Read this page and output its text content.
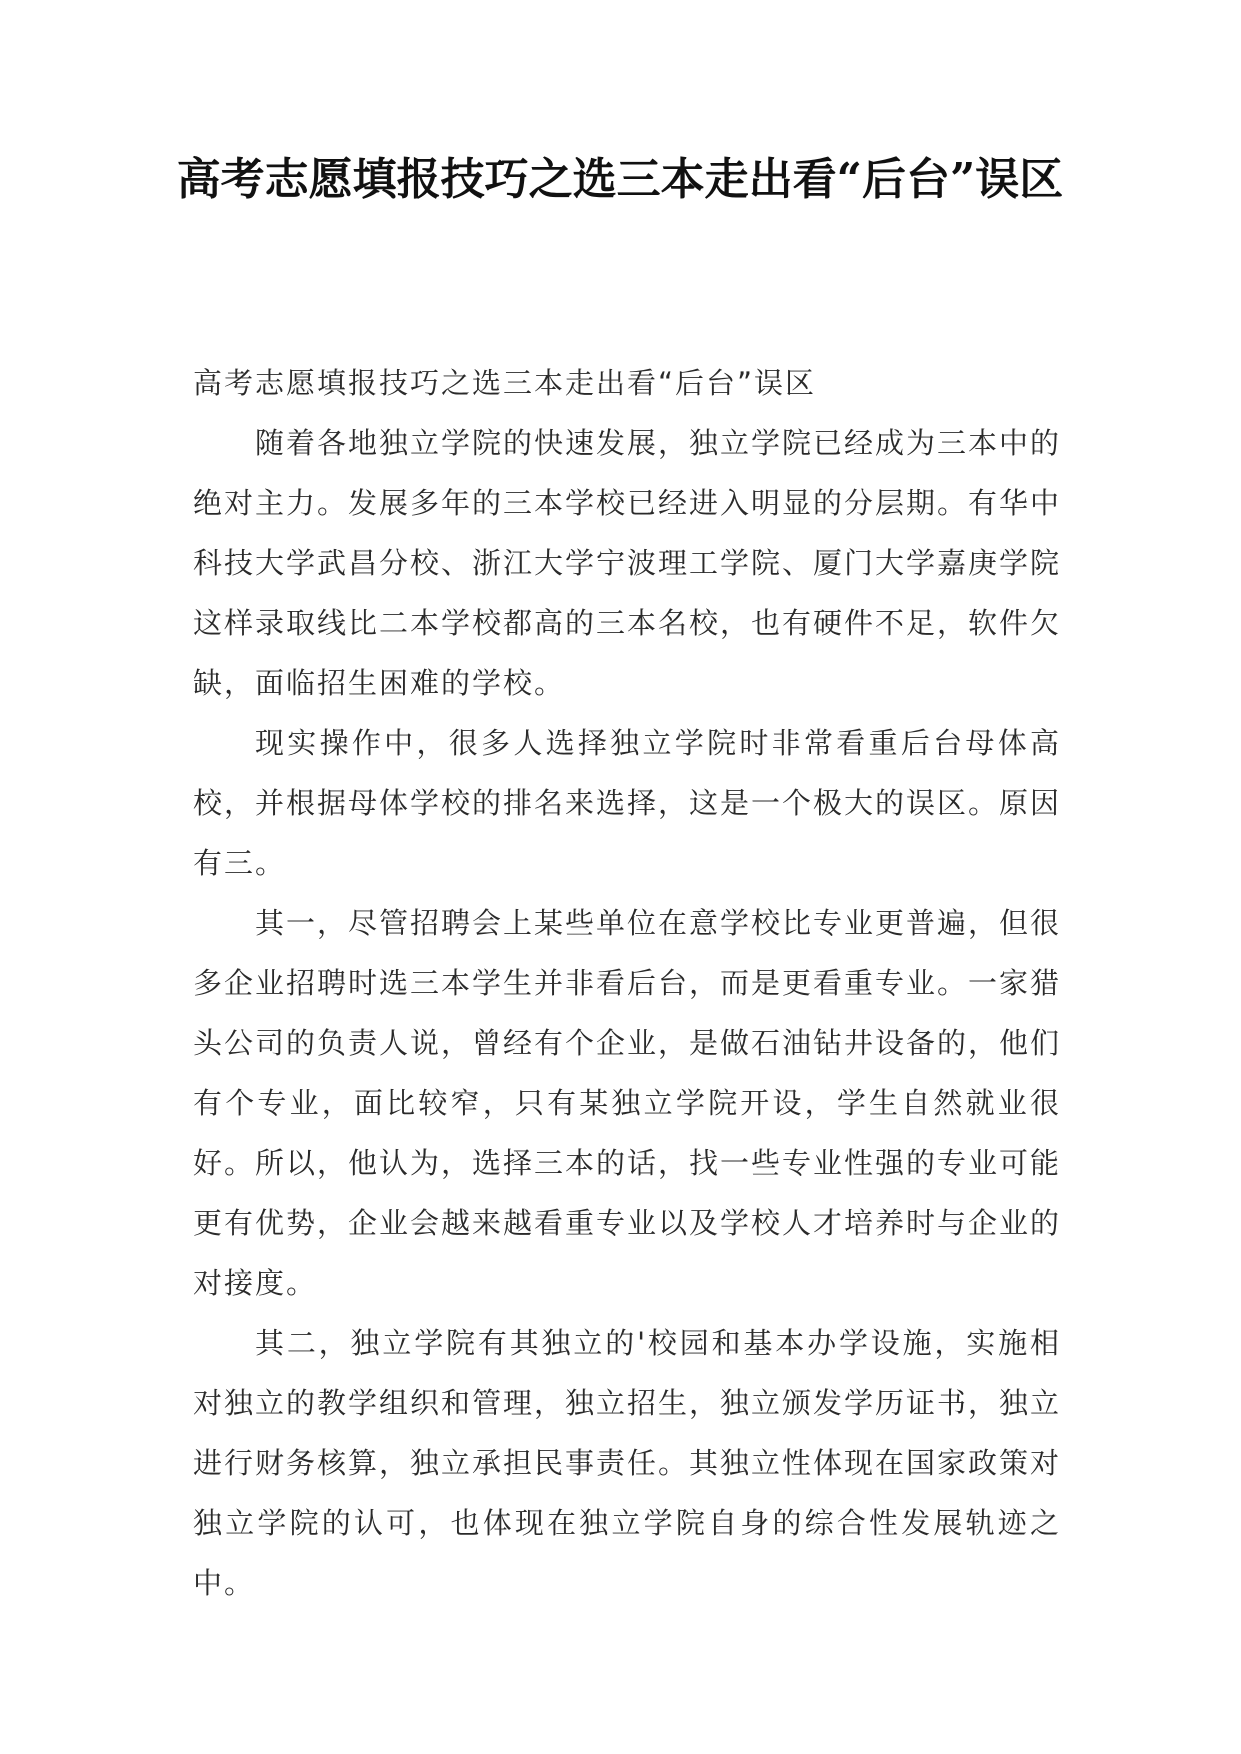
高考志愿填报技巧之选三本走出看“后台”误区

高考志愿填报技巧之选三本走出看“后台”误区

随着各地独立学院的快速发展，独立学院已经成为三本中的绝对主力。发展多年的三本学校已经进入明显的分层期。有华中科技大学武昌分校、浙江大学宁波理工学院、厦门大学嘉庚学院这样录取线比二本学校都高的三本名校，也有硬件不足，软件欠缺，面临招生困难的学校。

现实操作中，很多人选择独立学院时非常看重后台母体高校，并根据母体学校的排名来选择，这是一个极大的误区。原因有三。

其一，尽管招聘会上某些单位在意学校比专业更普遍，但很多企业招聘时选三本学生并非看后台，而是更看重专业。一家猎头公司的负责人说，曾经有个企业，是做石油钻井设备的，他们有个专业，面比较窄，只有某独立学院开设，学生自然就业很好。所以，他认为，选择三本的话，找一些专业性强的专业可能更有优势，企业会越来越看重专业以及学校人才培养时与企业的对接度。

其二，独立学院有其独立的'校园和基本办学设施，实施相对独立的教学组织和管理，独立招生，独立颁发学历证书，独立进行财务核算，独立承担民事责任。其独立性体现在国家政策对独立学院的认可，也体现在独立学院自身的综合性发展轨迹之中。
